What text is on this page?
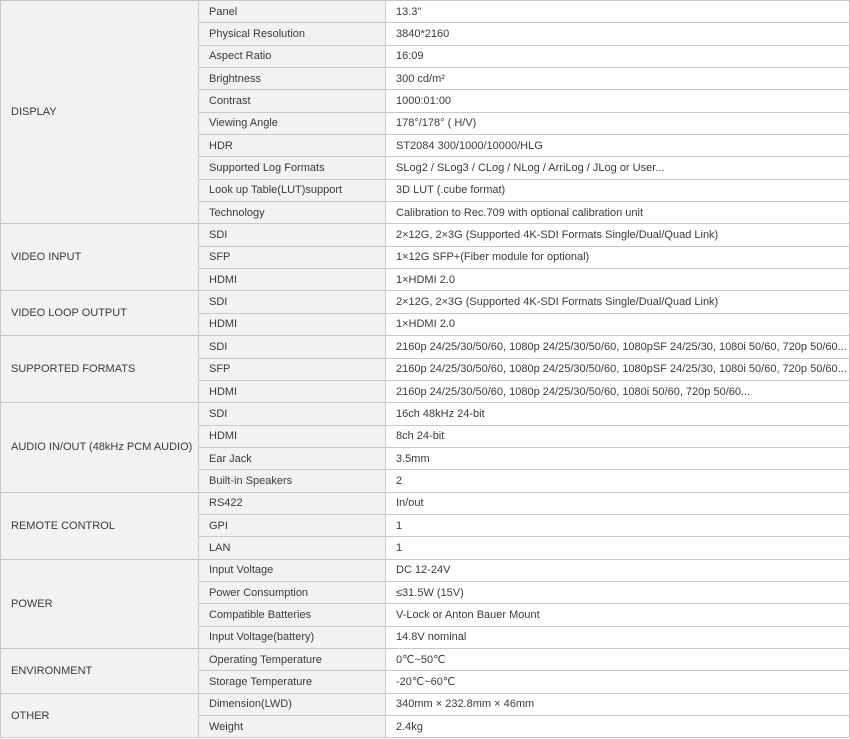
DISPLAY	Panel	13.3"
	Physical Resolution	3840*2160
	Aspect Ratio	16:09
	Brightness	300 cd/m²
	Contrast	1000:01:00
	Viewing Angle	178°/178° ( H/V)
	HDR	ST2084 300/1000/10000/HLG
	Supported Log Formats	SLog2 / SLog3 / CLog / NLog / ArriLog / JLog or User...
	Look up Table(LUT)support	3D LUT (.cube format)
	Technology	Calibration to Rec.709 with optional calibration unit
VIDEO INPUT	SDI	2×12G, 2×3G (Supported 4K-SDI Formats Single/Dual/Quad Link)
	SFP	1×12G SFP+(Fiber module for optional)
	HDMI	1×HDMI 2.0
VIDEO LOOP OUTPUT	SDI	2×12G, 2×3G (Supported 4K-SDI Formats Single/Dual/Quad Link)
	HDMI	1×HDMI 2.0
SUPPORTED FORMATS	SDI	2160p 24/25/30/50/60, 1080p 24/25/30/50/60, 1080pSF 24/25/30, 1080i 50/60, 720p 50/60...
	SFP	2160p 24/25/30/50/60, 1080p 24/25/30/50/60, 1080pSF 24/25/30, 1080i 50/60, 720p 50/60...
	HDMI	2160p 24/25/30/50/60, 1080p 24/25/30/50/60, 1080i 50/60, 720p 50/60...
AUDIO IN/OUT (48kHz PCM AUDIO)	SDI	16ch 48kHz 24-bit
	HDMI	8ch 24-bit
	Ear Jack	3.5mm
	Built-in Speakers	2
REMOTE CONTROL	RS422	In/out
	GPI	1
	LAN	1
POWER	Input Voltage	DC 12-24V
	Power Consumption	≤31.5W (15V)
	Compatible Batteries	V-Lock or Anton Bauer Mount
	Input Voltage(battery)	14.8V nominal
ENVIRONMENT	Operating Temperature	0℃~50℃
	Storage Temperature	-20℃~60℃
OTHER	Dimension(LWD)	340mm × 232.8mm × 46mm
	Weight	2.4kg
